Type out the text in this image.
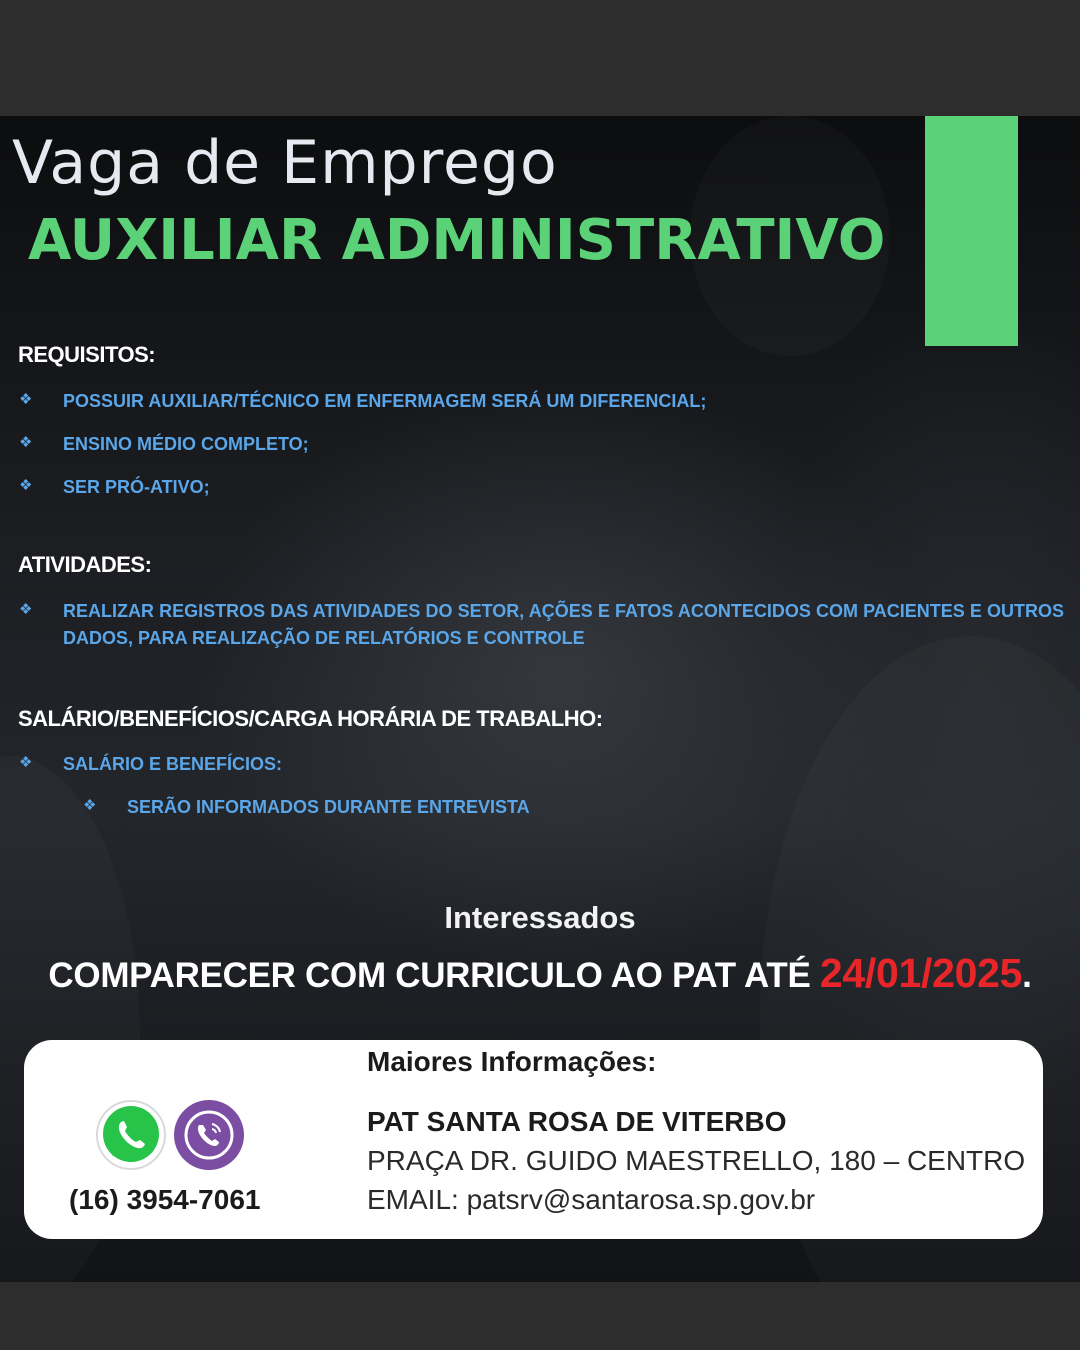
Vaga de Emprego
AUXILIAR ADMINISTRATIVO
REQUISITOS:
❖	POSSUIR AUXILIAR/TÉCNICO EM ENFERMAGEM SERÁ UM DIFERENCIAL;
❖	ENSINO MÉDIO COMPLETO;
❖	SER PRÓ-ATIVO;
ATIVIDADES:
❖	REALIZAR REGISTROS DAS ATIVIDADES DO SETOR, AÇÕES E FATOS ACONTECIDOS COM PACIENTES E OUTROS DADOS, PARA REALIZAÇÃO DE RELATÓRIOS E CONTROLE
SALÁRIO/BENEFÍCIOS/CARGA HORÁRIA DE TRABALHO:
❖	SALÁRIO E BENEFÍCIOS:
❖	SERÃO INFORMADOS DURANTE ENTREVISTA
Interessados
COMPARECER COM CURRICULO AO PAT ATÉ 24/01/2025.
(16) 3954-7061
Maiores Informações:
PAT SANTA ROSA DE VITERBO
PRAÇA DR. GUIDO MAESTRELLO, 180 – CENTRO
EMAIL: patsrv@santarosa.sp.gov.br
